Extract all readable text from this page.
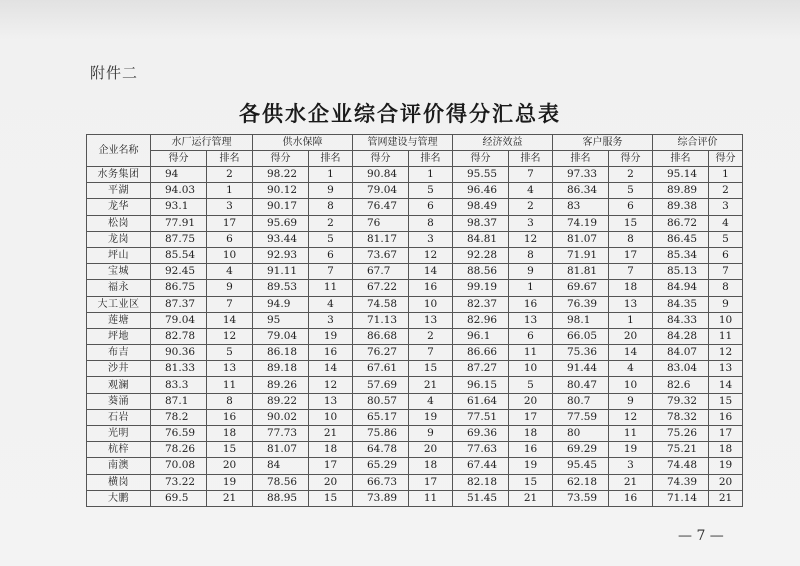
附件二
各供水企业综合评价得分汇总表
企业名称	水厂运行管理		供水保障		管网建设与管理		经济效益		客户服务		综合评价	
	得分	排名	得分	排名	得分	排名	得分	排名	排名	得分	排名	得分
水务集团	94	2	98.22	1	90.84	1	95.55	7	97.33	2	95.14	1
平湖	94.03	1	90.12	9	79.04	5	96.46	4	86.34	5	89.89	2
龙华	93.1	3	90.17	8	76.47	6	98.49	2	83	6	89.38	3
松岗	77.91	17	95.69	2	76	8	98.37	3	74.19	15	86.72	4
龙岗	87.75	6	93.44	5	81.17	3	84.81	12	81.07	8	86.45	5
坪山	85.54	10	92.93	6	73.67	12	92.28	8	71.91	17	85.34	6
宝城	92.45	4	91.11	7	67.7	14	88.56	9	81.81	7	85.13	7
福永	86.75	9	89.53	11	67.22	16	99.19	1	69.67	18	84.94	8
大工业区	87.37	7	94.9	4	74.58	10	82.37	16	76.39	13	84.35	9
莲塘	79.04	14	95	3	71.13	13	82.96	13	98.1	1	84.33	10
坪地	82.78	12	79.04	19	86.68	2	96.1	6	66.05	20	84.28	11
布吉	90.36	5	86.18	16	76.27	7	86.66	11	75.36	14	84.07	12
沙井	81.33	13	89.18	14	67.61	15	87.27	10	91.44	4	83.04	13
观澜	83.3	11	89.26	12	57.69	21	96.15	5	80.47	10	82.6	14
葵涌	87.1	8	89.22	13	80.57	4	61.64	20	80.7	9	79.32	15
石岩	78.2	16	90.02	10	65.17	19	77.51	17	77.59	12	78.32	16
光明	76.59	18	77.73	21	75.86	9	69.36	18	80	11	75.26	17
杭梓	78.26	15	81.07	18	64.78	20	77.63	16	69.29	19	75.21	18
南澳	70.08	20	84	17	65.29	18	67.44	19	95.45	3	74.48	19
横岗	73.22	19	78.56	20	66.73	17	82.18	15	62.18	21	74.39	20
大鹏	69.5	21	88.95	15	73.89	11	51.45	21	73.59	16	71.14	21
— 7 —
